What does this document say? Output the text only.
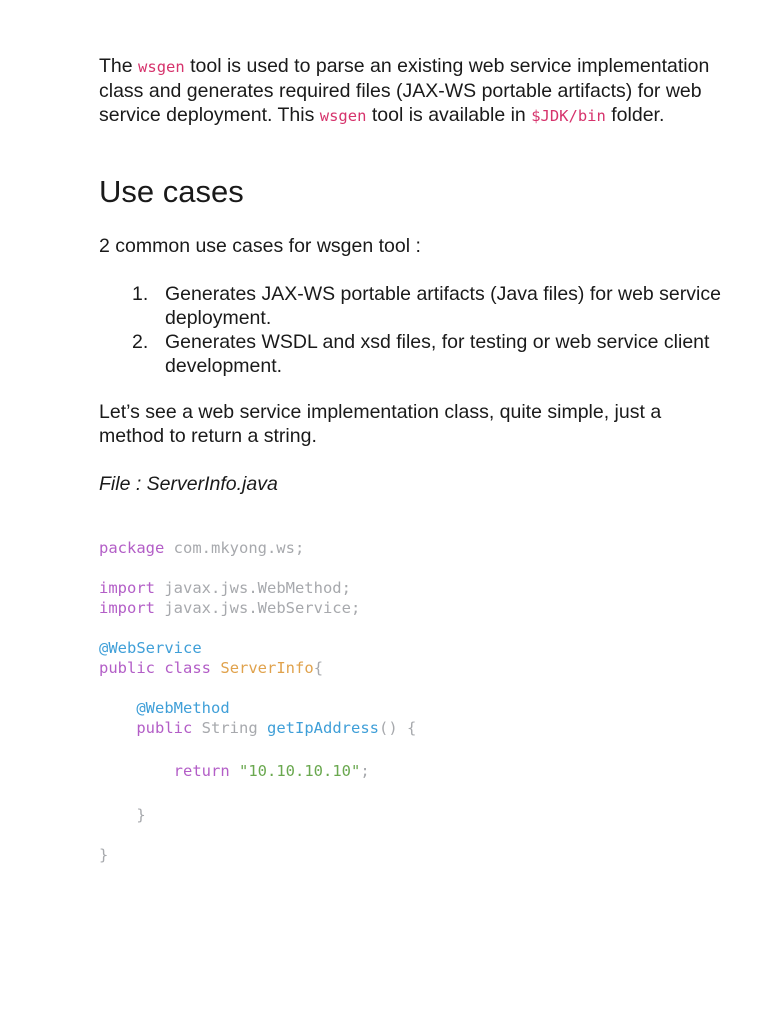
The wsgen tool is used to parse an existing web service implementation class and generates required files (JAX-WS portable artifacts) for web service deployment. This wsgen tool is available in $JDK/bin folder.

Use cases

2 common use cases for wsgen tool :

1. Generates JAX-WS portable artifacts (Java files) for web service deployment.
2. Generates WSDL and xsd files, for testing or web service client development.

Let’s see a web service implementation class, quite simple, just a method to return a string.

File : ServerInfo.java

package com.mkyong.ws;
import javax.jws.WebMethod;
import javax.jws.WebService;
@WebService
public class ServerInfo{
@WebMethod
public String getIpAddress() {
return "10.10.10.10";
}
}
